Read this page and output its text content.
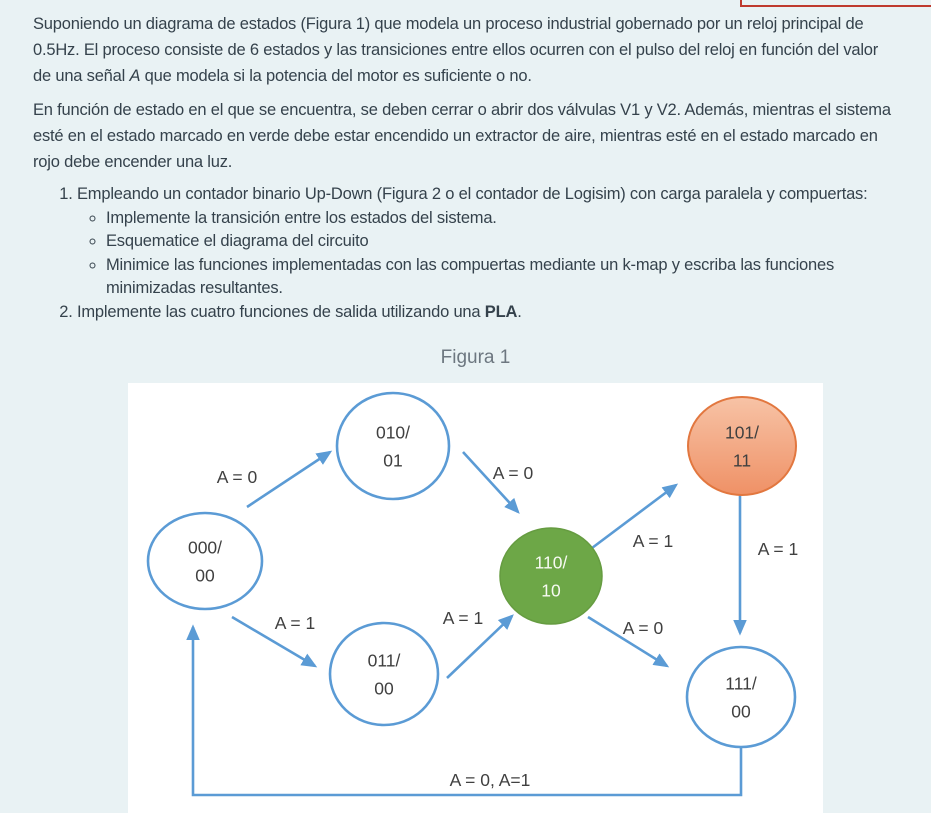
Suponiendo un diagrama de estados (Figura 1) que modela un proceso industrial gobernado por un reloj principal de 0.5Hz. El proceso consiste de 6 estados y las transiciones entre ellos ocurren con el pulso del reloj en función del valor de una señal A que modela si la potencia del motor es suficiente o no.

En función de estado en el que se encuentra, se deben cerrar o abrir dos válvulas V1 y V2. Además, mientras el sistema esté en el estado marcado en verde debe estar encendido un extractor de aire, mientras esté en el estado marcado en rojo debe encender una luz.

1. Empleando un contador binario Up-Down (Figura 2 o el contador de Logisim) con carga paralela y compuertas:
◦ Implemente la transición entre los estados del sistema.
◦ Esquematice el diagrama del circuito
◦ Minimice las funciones implementadas con las compuertas mediante un k-map y escriba las funciones minimizadas resultantes.
2. Implemente las cuatro funciones de salida utilizando una PLA.
Figura 1
000/
00
010/
01
011/
00
110/
10
101/
11
111/
00
A = 0	A = 0
A = 1	A = 1
A = 1	A = 1	A = 0
A = 0, A=1
